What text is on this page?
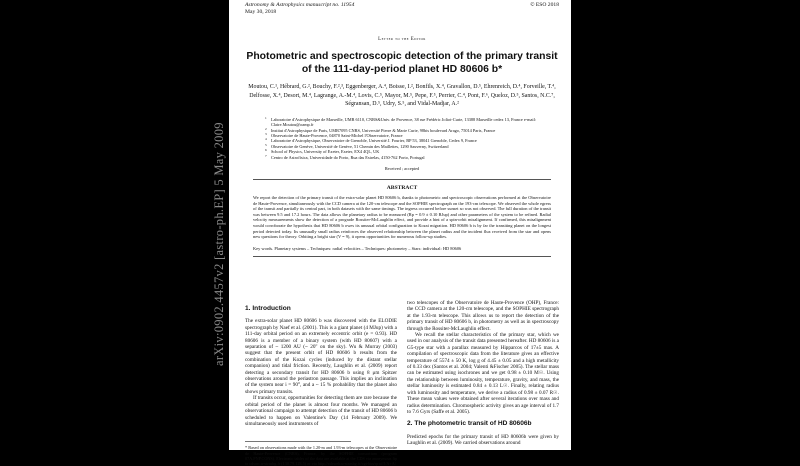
arXiv:0902.4457v2 [astro-ph.EP] 5 May 2009
Astronomy & Astrophysics manuscript no. 11954
May 30, 2018
© ESO 2018
Letter to the Editor
Photometric and spectroscopic detection of the primary transit of the 111-day-period planet HD 80606 b*
Moutou, C.¹, Hébrard, G.², Bouchy, F.²,³, Eggenberger, A.⁴, Boisse, I.², Bonfils, X.⁴, Gravallon, D.⁵, Ehrenreich, D.⁴, Forveille, T.⁴, Delfosse, X.⁴, Desort, M.⁴, Lagrange, A.-M.⁴, Lovis, C.⁵, Mayor, M.⁵, Pepe, F.⁵, Perrier, C.⁴, Pont, F.⁶, Queloz, D.⁵, Santos, N.C.⁷, Ségransan, D.⁵, Udry, S.⁵, and Vidal-Madjar, A.²
1 Laboratoire d'Astrophysique de Marseille, UMR 6110, CNRS&Univ. de Provence, 38 rue Frédéric Joliot-Curie, 13388 Marseille cedex 13, France e-mail: Claire.Moutou@oamp.fr
2 Institut d'Astrophysique de Paris, UMR7095 CNRS, Université Pierre & Marie Curie, 98bis boulevard Arago, 75014 Paris, France
3 Observatoire de Haute-Provence, 04870 Saint-Michel l'Observatoire, France
4 Laboratoire d'Astrophysique, Observatoire de Grenoble, Université J. Fourier, BP 53, 38041 Grenoble, Cedex 9, France
5 Observatoire de Genève, Université de Genève, 51 Chemin des Maillettes, 1290 Sauverny, Switzerland
6 School of Physics, University of Exeter, Exeter, EX4 4QL, UK
7 Centro de Astrofísica, Universidade do Porto, Rua das Estrelas, 4150-762 Porto, Portugal
Received ; accepted
ABSTRACT
We report the detection of the primary transit of the extra-solar planet HD 80606 b, thanks to photometric and spectroscopic observations performed at the Observatoire de Haute-Provence, simultaneously with the CCD camera at the 120-cm telescope and the SOPHIE spectrograph on the 193-cm telescope. We observed the whole egress of the transit and partially its central part, in both datasets with the same timings. The ingress occurred before sunset so was not observed. The full duration of the transit was between 9.5 and 17.2 hours. The data allows the planetary radius to be measured (Rp = 0.9 ± 0.10 RJup) and other parameters of the system to be refined. Radial velocity measurements show the detection of a prograde Rossiter-McLaughlin effect, and provide a hint of a spin-orbit misalignment. If confirmed, this misalignment would corroborate the hypothesis that HD 80606 b owes its unusual orbital configuration to Kozai migration. HD 80606 b is by far the transiting planet on the longest period detected today. Its unusually small radius reinforces the observed relationship between the planet radius and the incident flux received from the star and opens new questions for theory. Orbiting a bright star (V = 9), it opens opportunities for numerous follow-up studies.
Key words. Planetary systems – Techniques: radial velocities – Techniques: photometry – Stars: individual: HD 80606
1. Introduction

The extra-solar planet HD 80606 b was discovered with the ELODIE spectrograph by Naef et al. (2001). This is a giant planet (4 MJup) with a 111-day orbital period on an extremely eccentric orbit (e = 0.93). HD 80606 is a member of a binary system (with HD 80607) with a separation of ~ 1200 AU (~ 20" on the sky). Wu & Murray (2003) suggest that the present orbit of HD 80606 b results from the combination of the Kozai cycles (induced by the distant stellar companion) and tidal friction. Recently, Laughlin et al. (2009) report detecting a secondary transit for HD 80606 b using 8 μm Spitzer observations around the periastron passage. This implies an inclination of the system near i = 90°, and a ~ 15 % probability that the planet also shows primary transits.

If transits occur, opportunities for detecting them are rare because the orbital period of the planet is almost four months. We managed an observational campaign to attempt detection of the transit of HD 80606 b scheduled to happen on Valentine's Day (14 February 2009). We simultaneously used instruments of

* Based on observations made with the 1.20-m and 1.93-m telescopes at the Observatoire de Haute-Provence (CNRS), France, by the SOPHIE consortium (program 07A.PNP.CONS). Electronic tables of the data are available at the CDS via anonymous ftp to cdsarc.u-strasbg.fr (130.79.128.5) or via http://cdsweb.u-strasbg.fr/cgi-bin/qcat?J/A+A/

two telescopes of the Observatoire de Haute-Provence (OHP), France: the CCD camera at the 120-cm telescope, and the SOPHIE spectrograph at the 1.93-m telescope. This allows us to report the detection of the primary transit of HD 80606 b, in photometry as well as in spectroscopy through the Rossiter-McLaughlin effect.

We recall the stellar characteristics of the primary star, which we used in our analysis of the transit data presented hereafter. HD 80606 is a G5-type star with a parallax measured by Hipparcos of 17±5 mas. A compilation of spectroscopic data from the literature gives an effective temperature of 5574 ± 50 K, log g of 4.45 ± 0.05 and a high metallicity of 0.33 dex (Santos et al. 2004; Valenti &Fischer 2005). The stellar mass can be estimated using isochrones and we get 0.98 ± 0.10 M☉. Using the relationship between luminosity, temperature, gravity, and mass, the stellar luminosity is estimated 0.84 ± 0.13 L☉. Finally, relating radius with luminosity and temperature, we derive a radius of 0.98 ± 0.07 R☉. These mean values were obtained after several iterations over mass and radius determination. Chromospheric activity gives an age interval of 1.7 to 7.6 Gyrs (Saffe et al. 2005).

2. The photometric transit of HD 80606b

Predicted epochs for the primary transit of HD 80606b were given by Laughlin et al. (2009). We carried observations around
